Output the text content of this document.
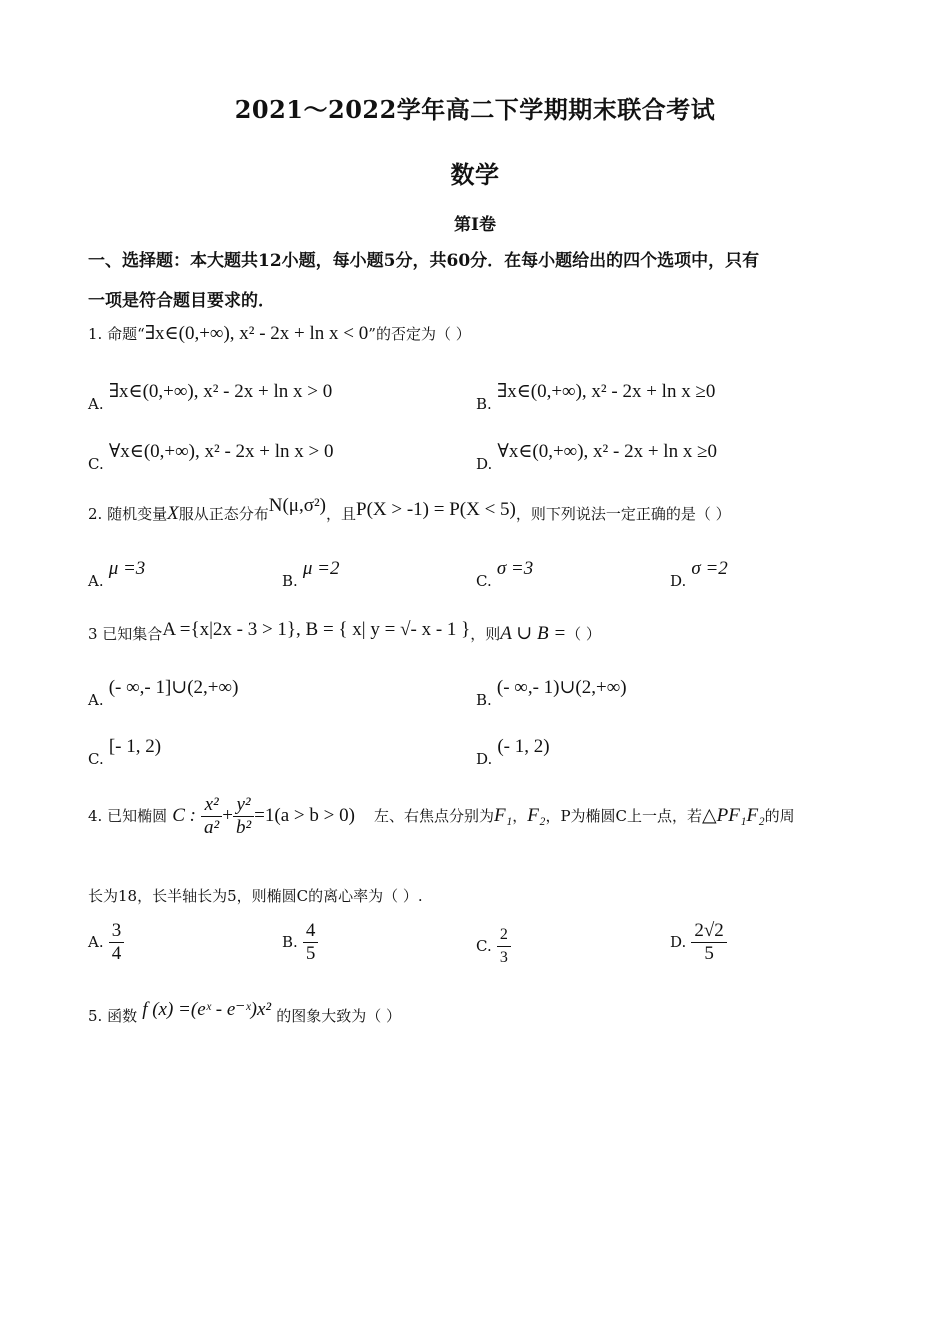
2021～2022学年高二下学期期末联合考试
数学
第Ⅰ卷
一、选择题：本大题共12小题，每小题5分，共60分．在每小题给出的四个选项中，只有
一项是符合题目要求的．
1. 命题“∃x∈(0,+∞), x² - 2x + ln x < 0”的否定为（ ）
A. ∃x∈(0,+∞), x² - 2x + ln x > 0
B. ∃x∈(0,+∞), x² - 2x + ln x ≥0
C. ∀x∈(0,+∞), x² - 2x + ln x > 0
D. ∀x∈(0,+∞), x² - 2x + ln x ≥0
2. 随机变量X服从正态分布N(μ,σ²)，且P(X > -1) = P(X < 5)，则下列说法一定正确的是（ ）
A. μ =3
B. μ =2
C. σ =3
D. σ =2
3 已知集合A ={x|2x - 3 > 1}, B = { x| y = √- x - 1 }，则A ∪ B =（ ）
A. (- ∞,- 1]∪(2,+∞)
B. (- ∞,- 1)∪(2,+∞)
C. [- 1, 2)
D. (- 1, 2)
4. 已知椭圆 C : $\frac{\text{x²}}{\text{a²}} + \frac{\text{y²}}{\text{b²}} =1(a > b > 0)$ 左、右焦点分别为F₁，F₂，P为椭圆C上一点，若△PF₁F₂的周
长为18，长半轴长为5，则椭圆C的离心率为（ ）.
A. $\frac{3}{4}$	B. $\frac{4}{5}$	C. $\frac{2}{3}$	D. $\frac{2√2}{5}$
5. 函数 f (x) =(eˣ - e⁻ˣ)x² 的图象大致为（ ）
